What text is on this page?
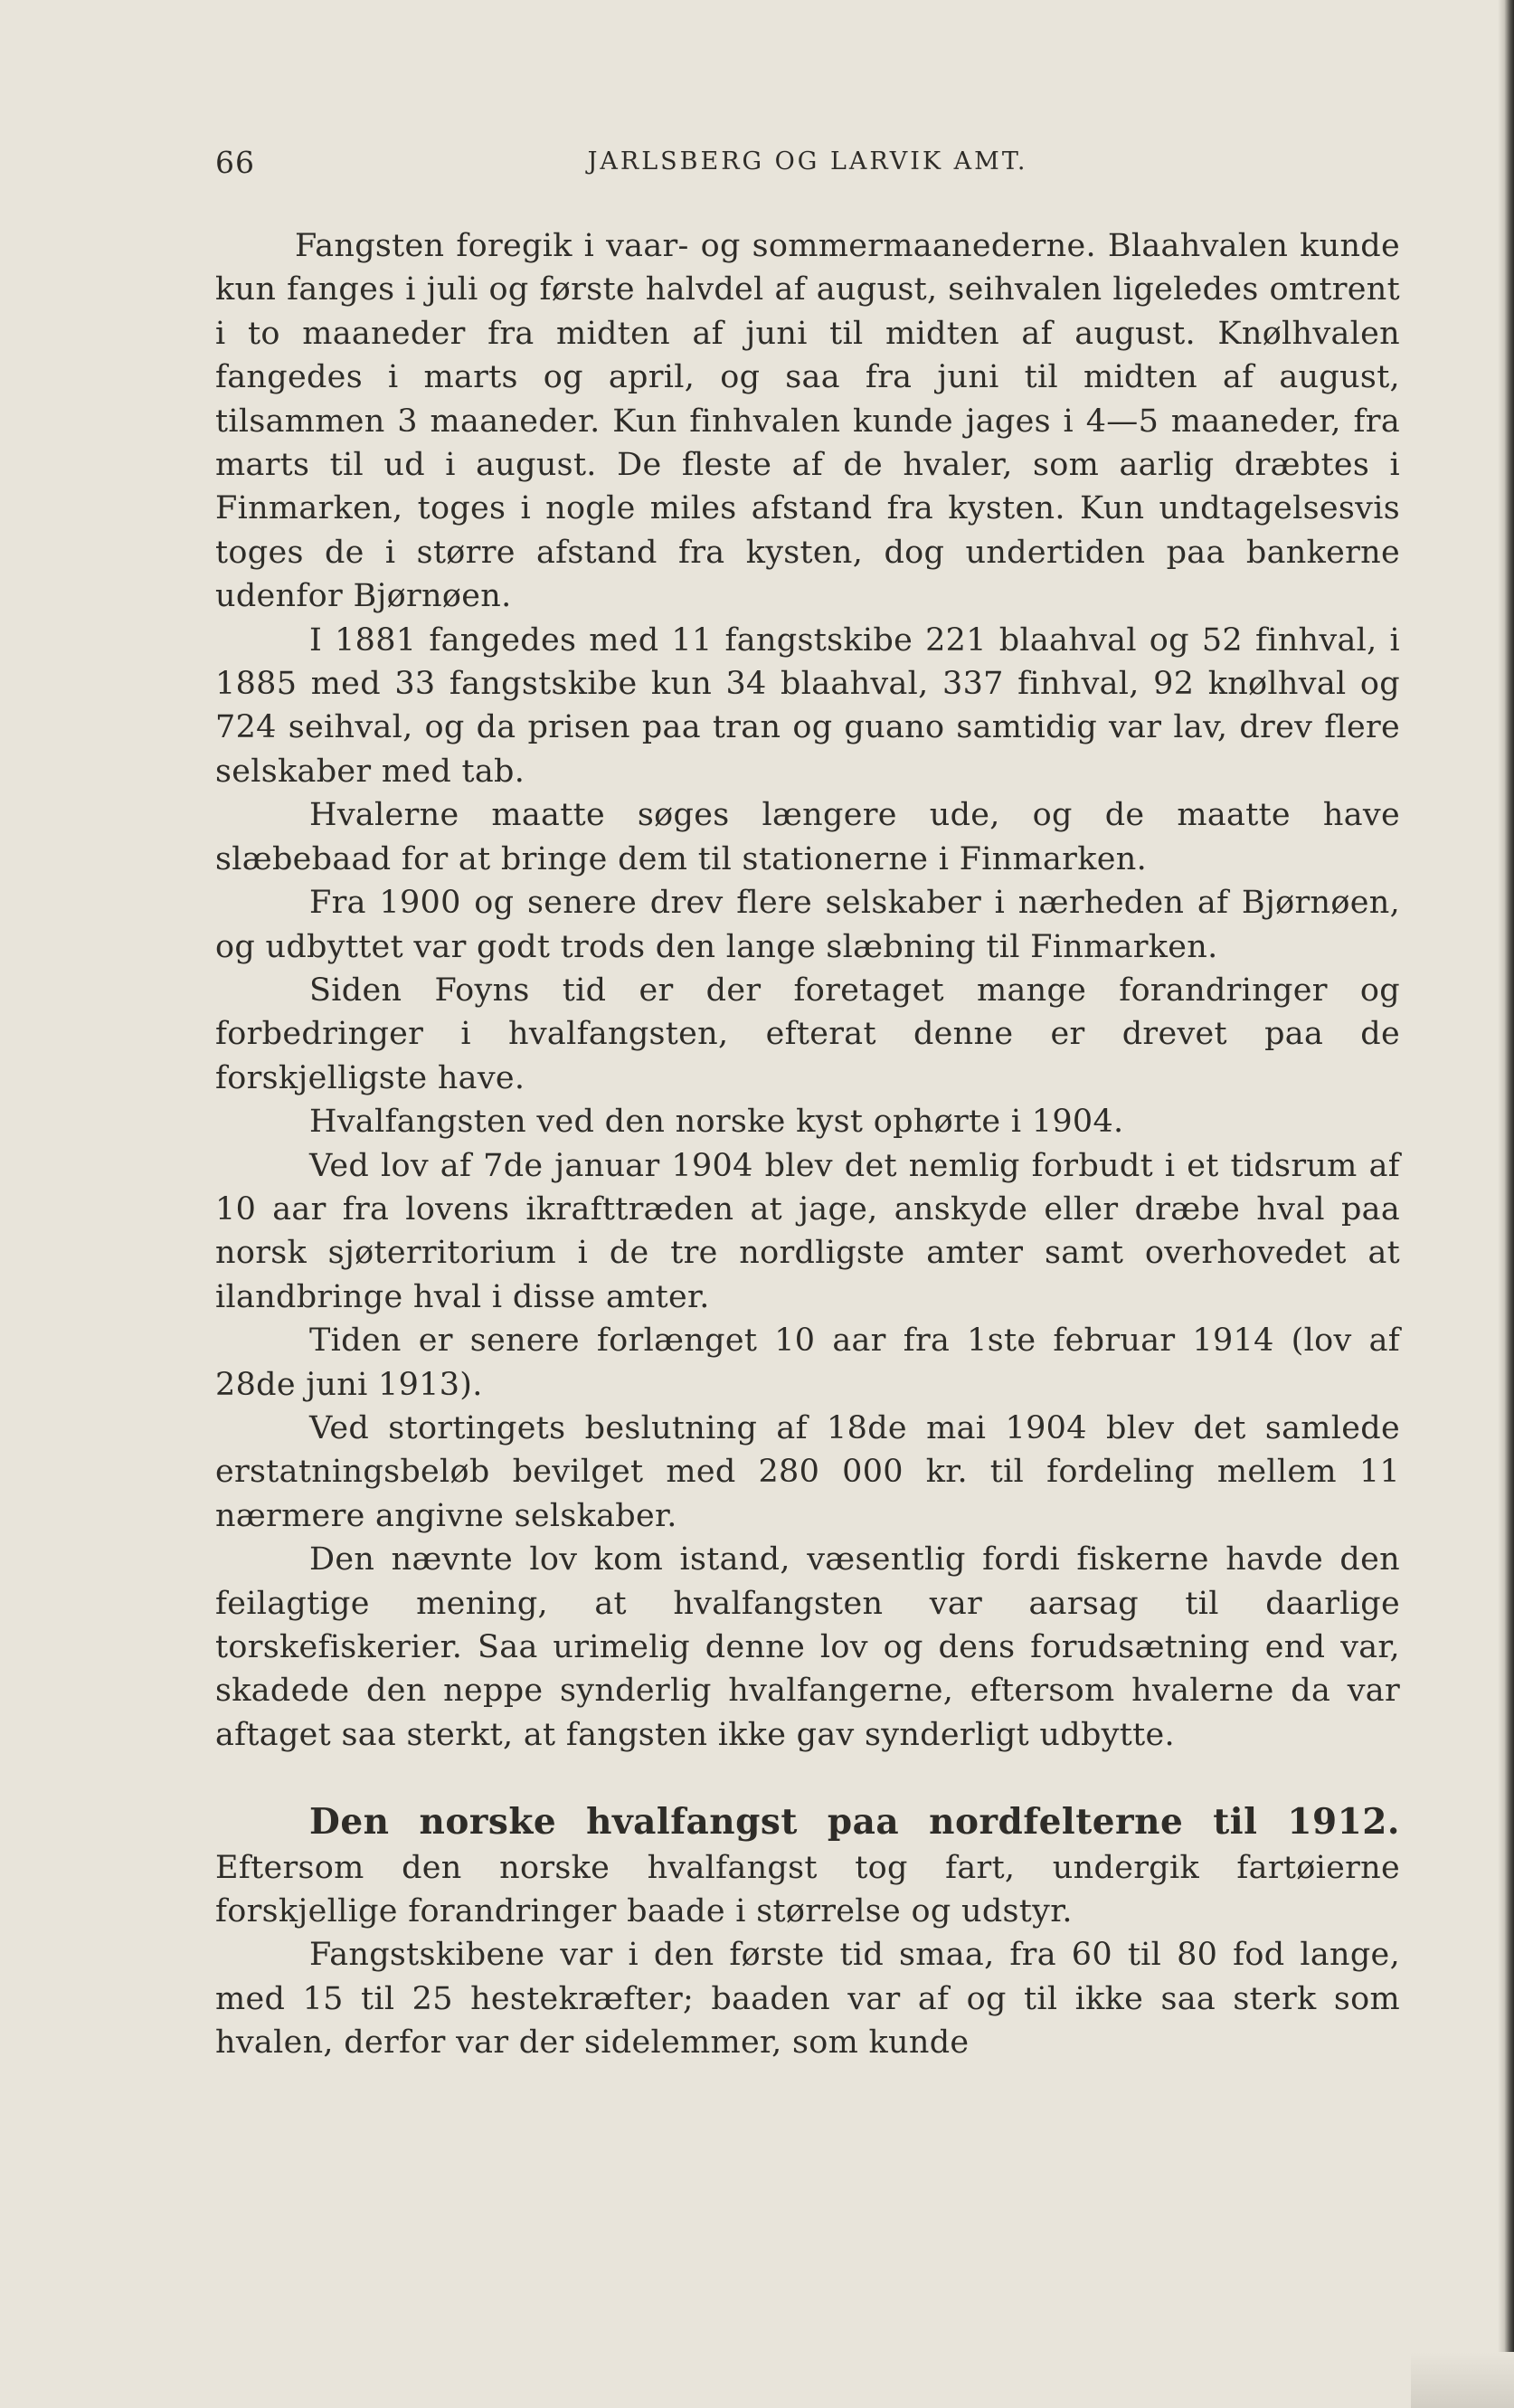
66	JARLSBERG OG LARVIK AMT.

Fangsten foregik i vaar- og sommermaanederne. Blaahvalen kunde kun fanges i juli og første halvdel af august, seihvalen ligeledes omtrent i to maaneder fra midten af juni til midten af august. Knølhvalen fangedes i marts og april, og saa fra juni til midten af august, tilsammen 3 maaneder. Kun finhvalen kunde jages i 4—5 maaneder, fra marts til ud i august. De fleste af de hvaler, som aarlig dræbtes i Finmarken, toges i nogle miles afstand fra kysten. Kun undtagelsesvis toges de i større afstand fra kysten, dog undertiden paa bankerne udenfor Bjørnøen.

I 1881 fangedes med 11 fangstskibe 221 blaahval og 52 finhval, i 1885 med 33 fangstskibe kun 34 blaahval, 337 finhval, 92 knølhval og 724 seihval, og da prisen paa tran og guano samtidig var lav, drev flere selskaber med tab.

Hvalerne maatte søges længere ude, og de maatte have slæbebaad for at bringe dem til stationerne i Finmarken.

Fra 1900 og senere drev flere selskaber i nærheden af Bjørnøen, og udbyttet var godt trods den lange slæbning til Finmarken.

Siden Foyns tid er der foretaget mange forandringer og forbedringer i hvalfangsten, efterat denne er drevet paa de forskjelligste have.

Hvalfangsten ved den norske kyst ophørte i 1904.

Ved lov af 7de januar 1904 blev det nemlig forbudt i et tidsrum af 10 aar fra lovens ikrafttræden at jage, anskyde eller dræbe hval paa norsk sjøterritorium i de tre nordligste amter samt overhovedet at ilandbringe hval i disse amter.

Tiden er senere forlænget 10 aar fra 1ste februar 1914 (lov af 28de juni 1913).

Ved stortingets beslutning af 18de mai 1904 blev det samlede erstatningsbeløb bevilget med 280 000 kr. til fordeling mellem 11 nærmere angivne selskaber.

Den nævnte lov kom istand, væsentlig fordi fiskerne havde den feilagtige mening, at hvalfangsten var aarsag til daarlige torskefiskerier. Saa urimelig denne lov og dens forudsætning end var, skadede den neppe synderlig hvalfangerne, eftersom hvalerne da var aftaget saa sterkt, at fangsten ikke gav synderligt udbytte.

Den norske hvalfangst paa nordfelterne til 1912. Eftersom den norske hvalfangst tog fart, undergik fartøierne forskjellige forandringer baade i størrelse og udstyr.

Fangstskibene var i den første tid smaa, fra 60 til 80 fod lange, med 15 til 25 hestekræfter; baaden var af og til ikke saa sterk som hvalen, derfor var der sidelemmer, som kunde
